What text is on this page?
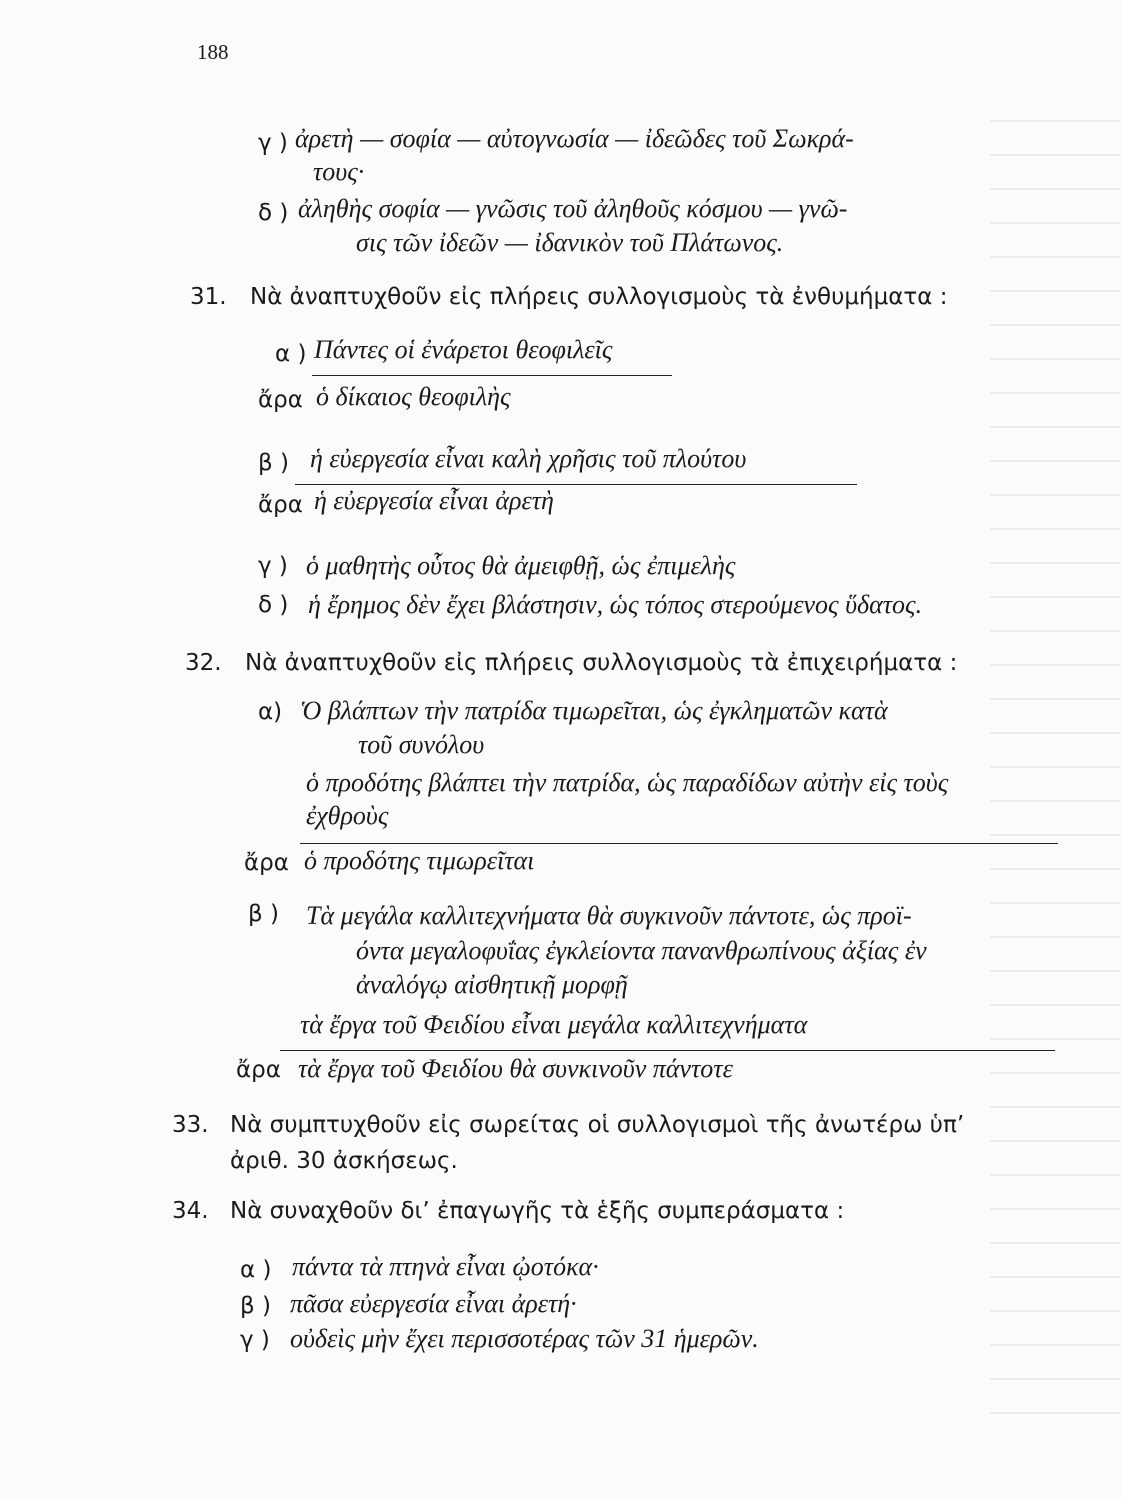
188
γ ) ἀρετὴ — σοφία — αὐτογνωσία — ἰδεῶδες τοῦ Σωκρά-
τους·
δ ) ἀληθὴς σοφία — γνῶσις τοῦ ἀληθοῦς κόσμου — γνῶ-
σις τῶν ἰδεῶν — ἰδανικὸν τοῦ Πλάτωνος.
31. Νὰ ἀναπτυχθοῦν εἰς πλήρεις συλλογισμοὺς τὰ ἐνθυμήματα :
α ) Πάντες οἱ ἐνάρετοι θεοφιλεῖς
ἄρα ὁ δίκαιος θεοφιλὴς
β ) ἡ εὐεργεσία εἶναι καλὴ χρῆσις τοῦ πλούτου
ἄρα ἡ εὐεργεσία εἶναι ἀρετὴ
γ ) ὁ μαθητὴς οὗτος θὰ ἀμειφθῇ, ὡς ἐπιμελὴς
δ ) ἡ ἔρημος δὲν ἔχει βλάστησιν, ὡς τόπος στερούμενος ὕδατος.
32. Νὰ ἀναπτυχθοῦν εἰς πλήρεις συλλογισμοὺς τὰ ἐπιχειρήματα :
α) Ὁ βλάπτων τὴν πατρίδα τιμωρεῖται, ὡς ἐγκληματῶν κατὰ
τοῦ συνόλου
ὁ προδότης βλάπτει τὴν πατρίδα, ὡς παραδίδων αὐτὴν εἰς τοὺς
ἐχθροὺς
ἄρα ὁ προδότης τιμωρεῖται
β ) Τὰ μεγάλα καλλιτεχνήματα θὰ συγκινοῦν πάντοτε, ὡς προϊ-
όντα μεγαλοφυΐας ἐγκλείοντα πανανθρωπίνους ἀξίας ἐν
ἀναλόγῳ αἰσθητικῇ μορφῇ
τὰ ἔργα τοῦ Φειδίου εἶναι μεγάλα καλλιτεχνήματα
ἄρα τὰ ἔργα τοῦ Φειδίου θὰ συνκινοῦν πάντοτε
33. Νὰ συμπτυχθοῦν εἰς σωρείτας οἱ συλλογισμοὶ τῆς ἀνωτέρω ὑπ’
ἀριθ. 30 ἀσκήσεως.
34. Νὰ συναχθοῦν δι’ ἐπαγωγῆς τὰ ἑξῆς συμπεράσματα :
α ) πάντα τὰ πτηνὰ εἶναι ᾠοτόκα·
β ) πᾶσα εὐεργεσία εἶναι ἀρετή·
γ ) οὐδεὶς μὴν ἔχει περισσοτέρας τῶν 31 ἡμερῶν.
